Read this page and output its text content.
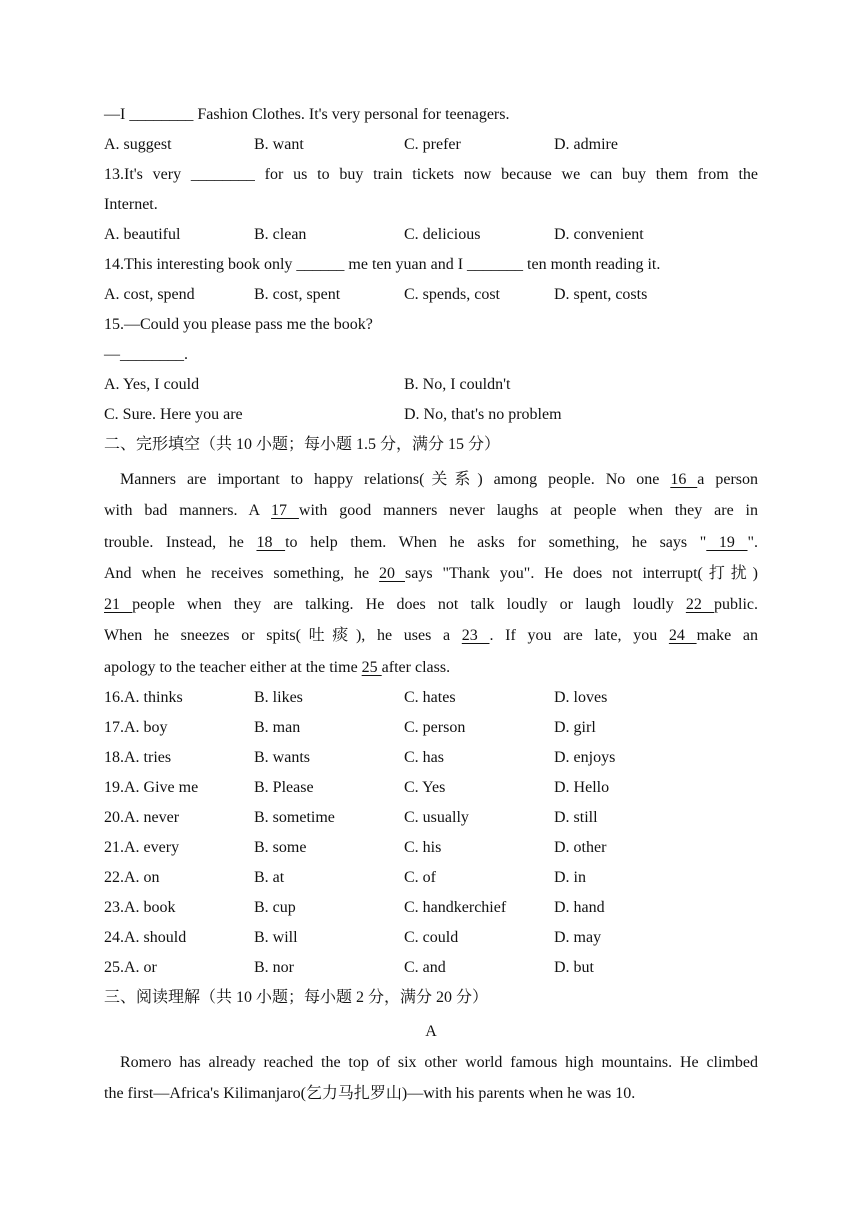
—I ________ Fashion Clothes. It's very personal for teenagers.
A. suggest	B. want	C. prefer	D. admire
13.It's very ________ for us to buy train tickets now because we can buy them from the
Internet.
A. beautiful	B. clean	C. delicious	D. convenient
14.This interesting book only ______ me ten yuan and I _______ ten month reading it.
A. cost, spend	B. cost, spent	C. spends, cost	D. spent, costs
15.—Could you please pass me the book?
—________.
A. Yes, I could	B. No, I couldn't
C. Sure. Here you are	D. No, that's no problem
二、完形填空（共 10 小题；每小题 1.5 分，满分 15 分）
Manners are important to happy relations(关系) among people. No one 16 a person
with bad manners. A 17 with good manners never laughs at people when they are in
trouble. Instead, he 18 to help them. When he asks for something, he says " 19 ".
And when he receives something, he 20 says "Thank you". He does not interrupt(打扰)
21 people when they are talking. He does not talk loudly or laugh loudly 22 public.
When he sneezes or spits(吐痰), he uses a 23 . If you are late, you 24 make an
apology to the teacher either at the time 25 after class.
16.A. thinks	B. likes	C. hates	D. loves
17.A. boy	B. man	C. person	D. girl
18.A. tries	B. wants	C. has	D. enjoys
19.A. Give me	B. Please	C. Yes	D. Hello
20.A. never	B. sometime	C. usually	D. still
21.A. every	B. some	C. his	D. other
22.A. on	B. at	C. of	D. in
23.A. book	B. cup	C. handkerchief	D. hand
24.A. should	B. will	C. could	D. may
25.A. or	B. nor	C. and	D. but
三、阅读理解（共 10 小题；每小题 2 分，满分 20 分）
A
Romero has already reached the top of six other world famous high mountains. He climbed
the first—Africa's Kilimanjaro(乞力马扎罗山)—with his parents when he was 10.
